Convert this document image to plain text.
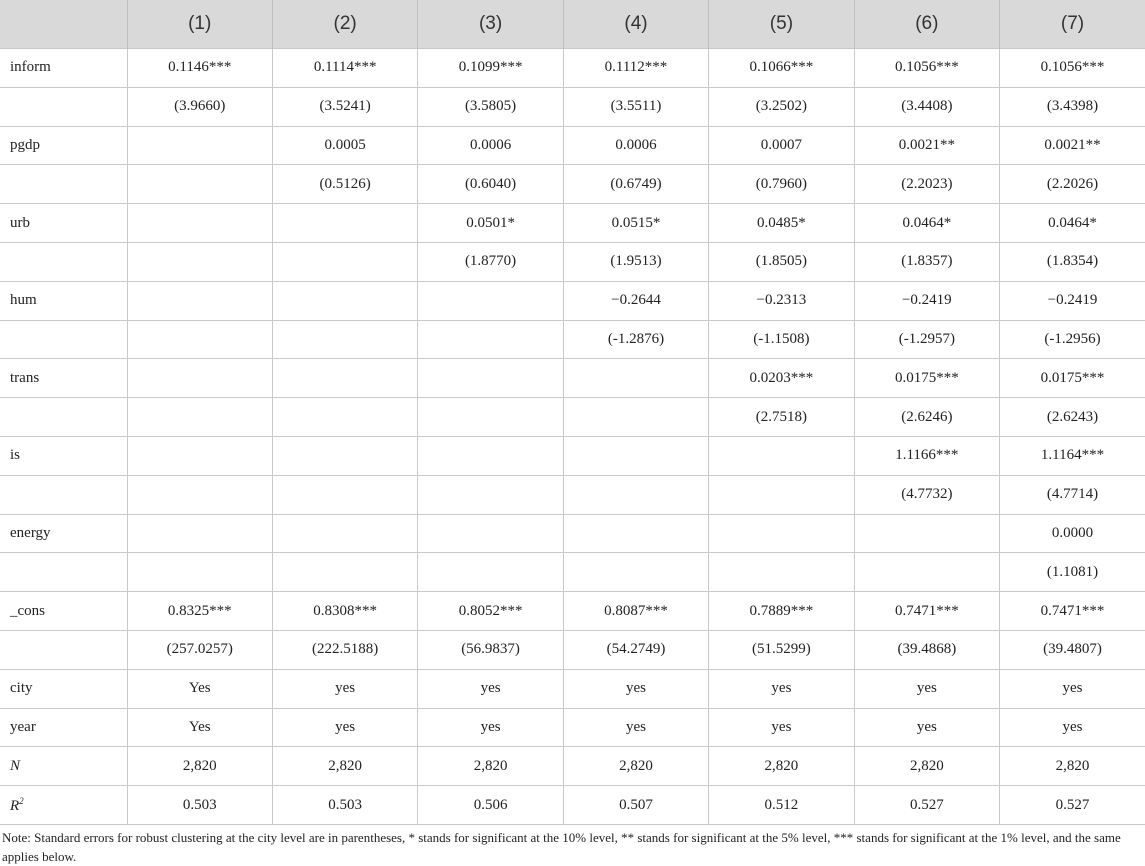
	(1)	(2)	(3)	(4)	(5)	(6)	(7)
inform	0.1146***	0.1114***	0.1099***	0.1112***	0.1066***	0.1056***	0.1056***
	(3.9660)	(3.5241)	(3.5805)	(3.5511)	(3.2502)	(3.4408)	(3.4398)
pgdp		0.0005	0.0006	0.0006	0.0007	0.0021**	0.0021**
		(0.5126)	(0.6040)	(0.6749)	(0.7960)	(2.2023)	(2.2026)
urb			0.0501*	0.0515*	0.0485*	0.0464*	0.0464*
			(1.8770)	(1.9513)	(1.8505)	(1.8357)	(1.8354)
hum				−0.2644	−0.2313	−0.2419	−0.2419
				(-1.2876)	(-1.1508)	(-1.2957)	(-1.2956)
trans					0.0203***	0.0175***	0.0175***
					(2.7518)	(2.6246)	(2.6243)
is						1.1166***	1.1164***
						(4.7732)	(4.7714)
energy							0.0000
							(1.1081)
_cons	0.8325***	0.8308***	0.8052***	0.8087***	0.7889***	0.7471***	0.7471***
	(257.0257)	(222.5188)	(56.9837)	(54.2749)	(51.5299)	(39.4868)	(39.4807)
city	Yes	yes	yes	yes	yes	yes	yes
year	Yes	yes	yes	yes	yes	yes	yes
N	2,820	2,820	2,820	2,820	2,820	2,820	2,820
$R^2$	0.503	0.503	0.506	0.507	0.512	0.527	0.527
Note: Standard errors for robust clustering at the city level are in parentheses, * stands for significant at the 10% level, ** stands for significant at the 5% level, *** stands for significant at the 1% level, and the same applies below.
